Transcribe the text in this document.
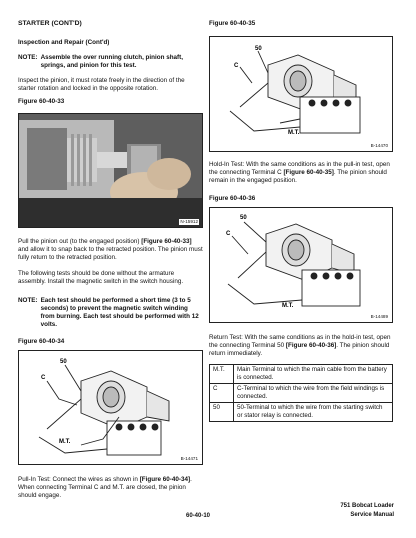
STARTER (CONT'D)
Inspection and Repair (Cont'd)
NOTE: Assemble the over running clutch, pinion shaft, springs, and pinion for this test.
Inspect the pinion, it must rotate freely in the direction of the starter rotation and locked in the opposite rotation.
Figure 60-40-33
N-15912
Pull the pinion out (to the engaged position) [Figure 60-40-33] and allow it to snap back to the retracted position. The pinion must fully return to the retracted position.
The following tests should be done without the armature assembly. Install the magnetic switch in the switch housing.
NOTE: Each test should be performed a short time (3 to 5 seconds) to prevent the magnetic switch winding from burning. Each test should be performed with 12 volts.
Figure 60-40-34
50
C
M.T.
B-14471
Pull-In Test: Connect the wires as shown in [Figure 60-40-34]. When connecting Terminal C and M.T. are closed, the pinion should engage.
Figure 60-40-35
50
C
M.T.
B-14470
Hold-In Test: With the same conditions as in the pull-in test, open the connecting Terminal C [Figure 60-40-35]. The pinion should remain in the engaged position.
Figure 60-40-36
50
C
M.T.
B-14489
Return Test: With the same conditions as in the hold-in test, open the connecting Terminal 50 [Figure 60-40-36]. The pinion should return immediately.
M.T.	Main Terminal to which the main cable from the battery is connected.
C	C-Terminal to which the wire from the field windings is connected.
50	50-Terminal to which the wire from the starting switch or stator relay is connected.
60-40-10
751 Bobcat Loader
Service Manual
